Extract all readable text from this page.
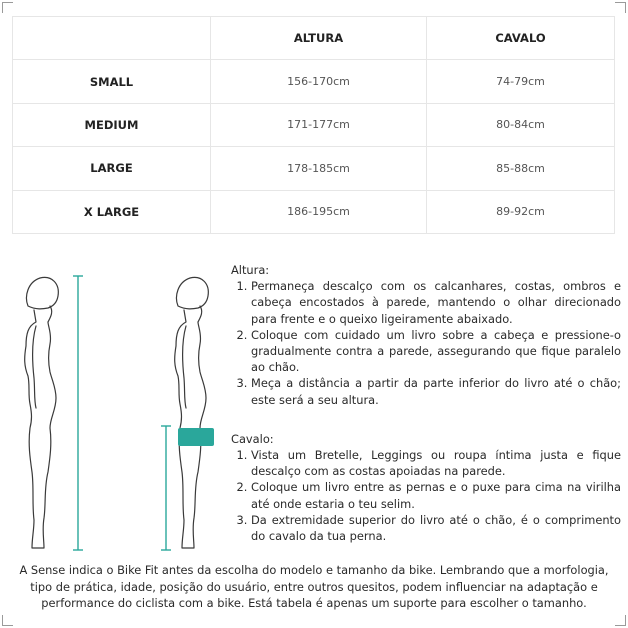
	ALTURA	CAVALO
SMALL	156-170cm	74-79cm
MEDIUM	171-177cm	80-84cm
LARGE	178-185cm	85-88cm
X LARGE	186-195cm	89-92cm

Altura:

1. Permaneça descalço com os calcanhares, costas, ombros e cabeça encostados à parede, mantendo o olhar direcionado para frente e o queixo ligeiramente abaixado.
2. Coloque com cuidado um livro sobre a cabeça e pressione-o gradualmente contra a parede, assegurando que fique paralelo ao chão.
3. Meça a distância a partir da parte inferior do livro até o chão; este será a seu altura.

Cavalo:

1. Vista um Bretelle, Leggings ou roupa íntima justa e fique descalço com as costas apoiadas na parede.
2. Coloque um livro entre as pernas e o puxe para cima na virilha até onde estaria o teu selim.
3. Da extremidade superior do livro até o chão, é o comprimento do cavalo da tua perna.
A Sense indica o Bike Fit antes da escolha do modelo e tamanho da bike. Lembrando que a morfologia, tipo de prática, idade, posição do usuário, entre outros quesitos, podem influenciar na adaptação e performance do ciclista com a bike. Está tabela é apenas um suporte para escolher o tamanho.
